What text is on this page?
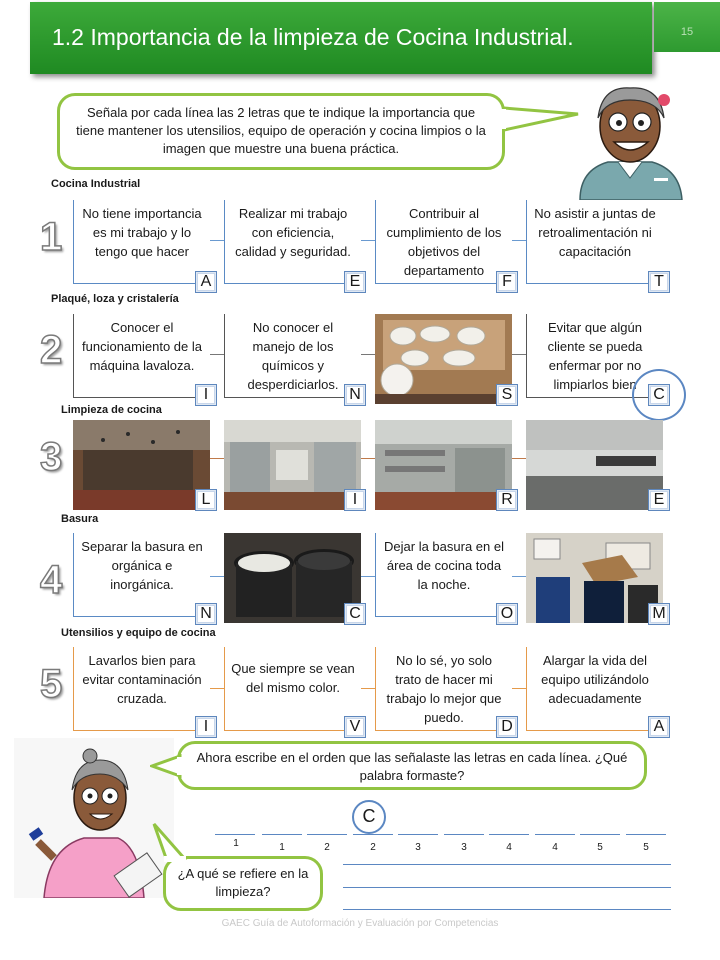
1.2 Importancia de la limpieza de Cocina Industrial.	15
Señala por cada línea las 2 letras que te indique la importancia que tiene mantener los utensilios, equipo de operación y cocina limpios o la imagen que muestre una buena práctica.
Cocina Industrial
Plaqué, loza y cristalería
Limpieza de cocina
Basura
Utensilios y equipo de cocina
1
2
3
4
5
No tiene importancia es mi trabajo y lo tengo que hacer
Realizar mi trabajo con eficiencia, calidad y seguridad.
Contribuir al cumplimiento de los objetivos del departamento
No asistir a juntas de retroalimentación ni capacitación
A	E	F	T
Conocer el funcionamiento de la máquina lavaloza.
No conocer el manejo de los químicos y desperdiciarlos.
Evitar que algún cliente se pueda enfermar por no limpiarlos bien
I	N	S	C
L	I	R	E
Separar la basura en orgánica e inorgánica.
Dejar la basura en el área de cocina toda la noche.
N	C	O	M
Lavarlos bien para evitar contaminación cruzada.
Que siempre se vean del mismo color.
No lo sé, yo solo trato de hacer mi trabajo lo mejor que puedo.
Alargar la vida del equipo utilizándolo adecuadamente
I	V	D	A
Ahora escribe en el orden que las señalaste las letras en cada línea. ¿Qué palabra formaste?
C
1	1	2	2	3	3	4	4	5	5
¿A qué se refiere en la limpieza?
GAEC Guía de Autoformación y Evaluación por Competencias
